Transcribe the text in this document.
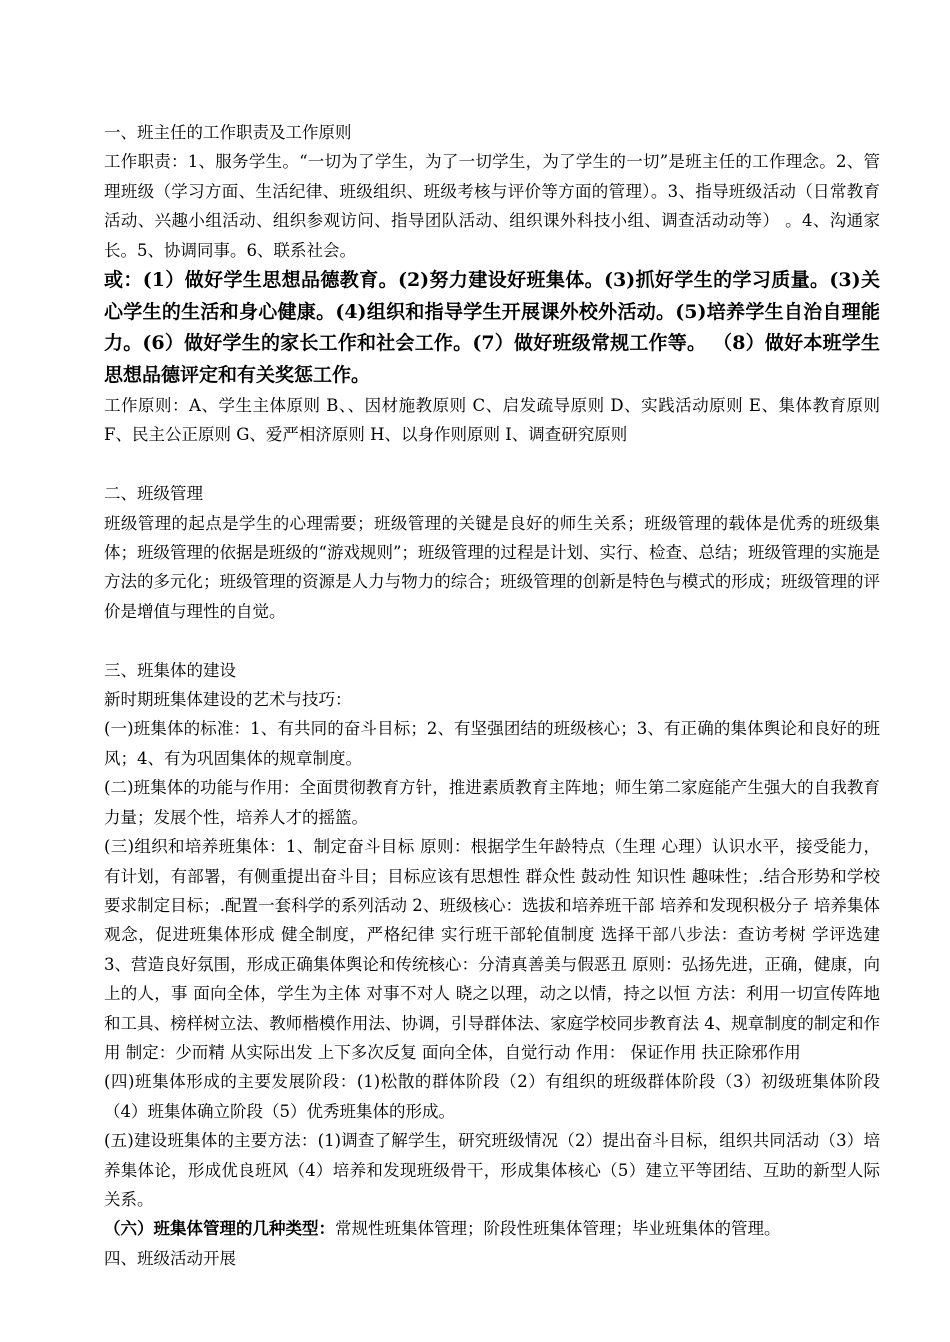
一、班主任的工作职责及工作原则

工作职责：1、服务学生。“一切为了学生，为了一切学生，为了学生的一切”是班主任的工作理念。2、管理班级（学习方面、生活纪律、班级组织、班级考核与评价等方面的管理）。3、指导班级活动（日常教育活动、兴趣小组活动、组织参观访问、指导团队活动、组织课外科技小组、调查活动动等） 。4、沟通家长。5、协调同事。6、联系社会。

或：(1）做好学生思想品德教育。(2)努力建设好班集体。(3)抓好学生的学习质量。(3)关心学生的生活和身心健康。(4)组织和指导学生开展课外校外活动。(5)培养学生自治自理能力。(6）做好学生的家长工作和社会工作。(7）做好班级常规工作等。 （8）做好本班学生思想品德评定和有关奖惩工作。

工作原则：A、学生主体原则 B、、因材施教原则 C、启发疏导原则 D、实践活动原则 E、集体教育原则 F、民主公正原则 G、爱严相济原则 H、以身作则原则 I、调查研究原则

二、班级管理

班级管理的起点是学生的心理需要；班级管理的关键是良好的师生关系；班级管理的载体是优秀的班级集体；班级管理的依据是班级的“游戏规则”；班级管理的过程是计划、实行、检查、总结；班级管理的实施是方法的多元化；班级管理的资源是人力与物力的综合；班级管理的创新是特色与模式的形成；班级管理的评价是增值与理性的自觉。

三、班集体的建设

新时期班集体建设的艺术与技巧：

(一)班集体的标准：1、有共同的奋斗目标；2、有坚强团结的班级核心；3、有正确的集体舆论和良好的班风；4、有为巩固集体的规章制度。

(二)班集体的功能与作用：全面贯彻教育方针，推进素质教育主阵地；师生第二家庭能产生强大的自我教育力量；发展个性，培养人才的摇篮。

(三)组织和培养班集体：1、制定奋斗目标 原则：根据学生年龄特点（生理 心理）认识水平，接受能力，有计划，有部署，有侧重提出奋斗目；目标应该有思想性 群众性 鼓动性 知识性 趣味性；.结合形势和学校要求制定目标；.配置一套科学的系列活动 2、班级核心：选拔和培养班干部 培养和发现积极分子 培养集体观念，促进班集体形成 健全制度，严格纪律 实行班干部轮值制度 选择干部八步法：查访考树 学评选建 3、营造良好氛围，形成正确集体舆论和传统核心：分清真善美与假恶丑 原则：弘扬先进，正确，健康，向上的人，事 面向全体，学生为主体 对事不对人 晓之以理，动之以情，持之以恒 方法：利用一切宣传阵地和工具、榜样树立法、教师楷模作用法、协调，引导群体法、家庭学校同步教育法 4、规章制度的制定和作用 制定：少而精 从实际出发 上下多次反复 面向全体，自觉行动 作用： 保证作用 扶正除邪作用

(四)班集体形成的主要发展阶段：(1)松散的群体阶段（2）有组织的班级群体阶段（3）初级班集体阶段（4）班集体确立阶段（5）优秀班集体的形成。

(五)建设班集体的主要方法：(1)调查了解学生，研究班级情况（2）提出奋斗目标，组织共同活动（3）培养集体论，形成优良班风（4）培养和发现班级骨干，形成集体核心（5）建立平等团结、互助的新型人际关系。

（六）班集体管理的几种类型：常规性班集体管理；阶段性班集体管理；毕业班集体的管理。

四、班级活动开展
